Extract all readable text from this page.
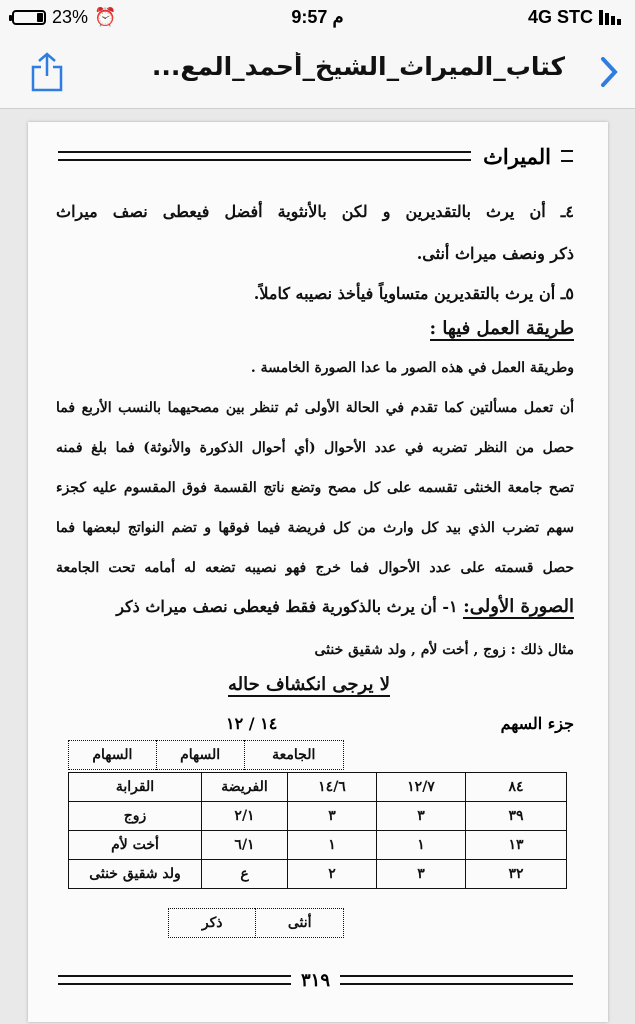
23% ⏰	9:57 م	4G STC
كتاب_الميراث_الشيخ_أحمد_المع...
الميراث
٤ـ أن يرث بالتقديرين و لكن بالأنثوية أفضل فيعطى نصف ميراث
ذكر ونصف ميراث أنثى.
٥ـ أن يرث بالتقديرين متساوياً فيأخذ نصيبه كاملاً.
طريقة العمل فيها :
وطريقة العمل في هذه الصور ما عدا الصورة الخامسة .
أن تعمل مسألتين كما تقدم في الحالة الأولى ثم تنظر بين مصحيهما بالنسب الأربع فما
حصل من النظر تضربه في عدد الأحوال (أي أحوال الذكورة والأنوثة) فما بلغ فمنه
تصح جامعة الخنثى تقسمه على كل مصح وتضع ناتج القسمة فوق المقسوم عليه كجزء
سهم تضرب الذي بيد كل وارث من كل فريضة فيما فوقها و تضم النواتج لبعضها فما
حصل قسمته على عدد الأحوال فما خرج فهو نصيبه تضعه له أمامه تحت الجامعة
الصورة الأولى: ١- أن يرث بالذكورية فقط فيعطى نصف ميراث ذكر
مثال ذلك : زوج , أخت لأم , ولد شقيق خنثى
لا يرجى انكشاف حاله
جزء السهم
١٤ / ١٢
الجامعة	السهام	السهام
٨٤	١٢/٧	١٤/٦	الفريضة	القرابة
٣٩	٣	٣	٢/١	زوج
١٣	١	١	٦/١	أخت لأم
٣٢	٣	٢	ع	ولد شقيق خنثى
أنثى	ذكر
٣١٩
